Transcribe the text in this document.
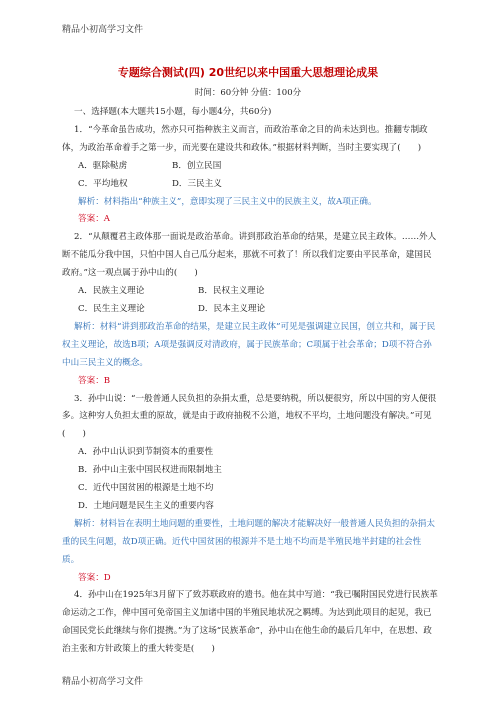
精品小初高学习文件
专题综合测试(四) 20世纪以来中国重大思想理论成果
时间：60分钟 分值：100分

一、选择题(本大题共15小题，每小题4分，共60分)

1．“今革命虽告成功，然亦只可指种族主义而言，而政治革命之目的尚未达到也。推翻专制政体，为政治革命着手之第一步，而光要在建设共和政体。”根据材料判断，当时主要实现了(　　)

A．驱除鞑虏	B．创立民国
C．平均地权	D．三民主义

解析：材料指出“种族主义”，意即实现了三民主义中的民族主义，故A项正确。

答案：A

2．“从颠覆君主政体那一面说是政治革命。讲到那政治革命的结果，是建立民主政体。……外人断不能瓜分我中国，只怕中国人自己瓜分起来，那就不可救了！所以我们定要由平民革命，建国民政府。”这一观点属于孙中山的(　　)

A．民族主义理论	B．民权主义理论
C．民生主义理论	D．民本主义理论

解析：材料“讲到那政治革命的结果，是建立民主政体”可见是强调建立民国，创立共和，属于民权主义理论，故选B项；A项是强调反对清政府，属于民族革命；C项属于社会革命；D项不符合孙中山三民主义的概念。

答案：B

3．孙中山说：“一般普通人民负担的杂捐太重，总是要纳税，所以便很穷，所以中国的穷人便很多。这种穷人负担太重的原故，就是由于政府抽税不公道，地权不平均，土地问题没有解决。”可见(　　)

A．孙中山认识到节制资本的重要性

B．孙中山主张中国民权进而限制地主

C．近代中国贫困的根源是土地不均

D．土地问题是民生主义的重要内容

解析：材料旨在表明土地问题的重要性，土地问题的解决才能解决好一般普通人民负担的杂捐太重的民生问题，故D项正确。近代中国贫困的根源并不是土地不均而是半殖民地半封建的社会性质。

答案：D

4．孙中山在1925年3月留下了致苏联政府的遗书。他在其中写道：“我已嘱附国民党进行民族革命运动之工作，俾中国可免帝国主义加诸中国的半殖民地状况之羁缚。为达到此项目的起见，我已命国民党长此继续与你们提携。”为了这场“民族革命”，孙中山在他生命的最后几年中，在思想、政治主张和方针政策上的重大转变是(　　)

精品小初高学习文件
